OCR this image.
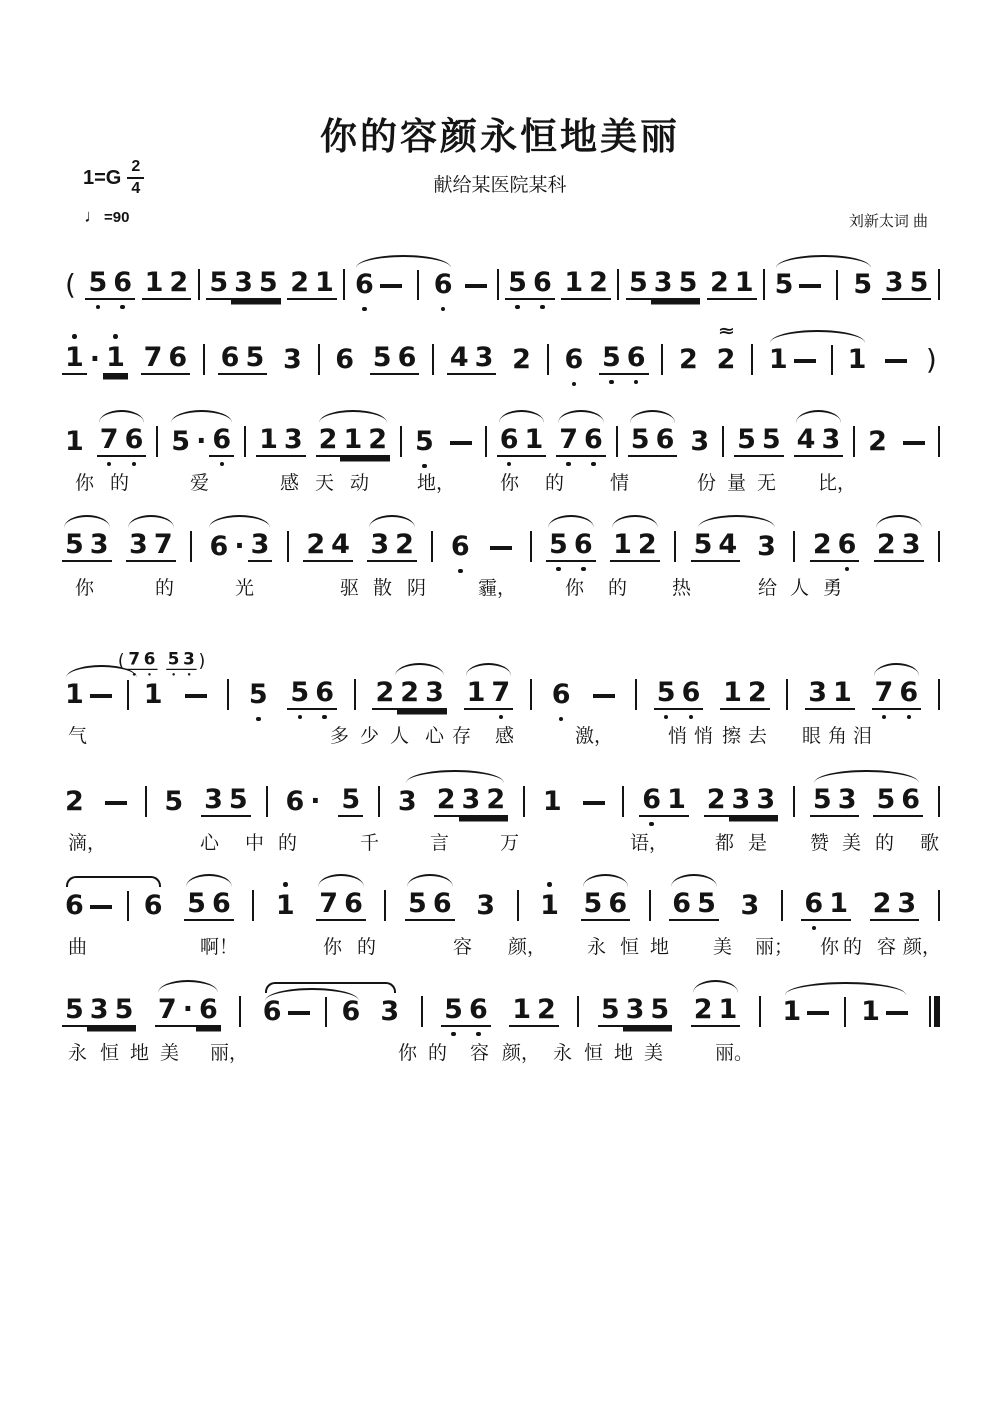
你的容颜永恒地美丽
献给某医院某科
$1=G \frac{2}{4}$
♩ =90	刘新太词 曲
( 5 6 1 2 5 3 5 2 1 6 6 5 6 1 2 5 3 5 2 1 5 5 3 5
1 · 1 7 6 6 5 3 6 5 6 4 3 2 6 5 6 2 2
≈
1 1 )
1 7 6 5 · 6 1 3 2 1 2 5 6 1 7 6 5 6 3 5 5 4 3 2
你 的	爱	感 天 动	地， 你 的 情	份 量 无 比，
5 3 3 7 6 · 3 2 4 3 2 6	5 6 1 2 5 4 3 2 6 2 3
你	的	光	驱 散 阴	霾，	你 的 热	给 人 勇
1 1
( 7 6 5 3 )
5 5 6 2 2 3 1 7 6	5 6 1 2 3 1 7 6
气	多 少 人 心 存 感	激，	悄 悄 擦 去 眼 角 泪
2	5 3 5 6 · 5 3 2 3 2 1	6 1 2 3 3 5 3 5 6
滴，	心 中 的	千	言	万	语， 都 是 赞 美 的 歌
6 6 5 6 1 7 6 5 6 3 1 5 6 6 5 3 6 1 2 3
曲	啊！	你 的	容 颜， 永 恒 地 美 丽； 你 的 容 颜，
5 3 5 7 · 6 6 6 3 5 6 1 2 5 3 5 2 1 1 1
永 恒 地 美 丽，	你 的 容 颜， 永 恒 地 美	丽。
